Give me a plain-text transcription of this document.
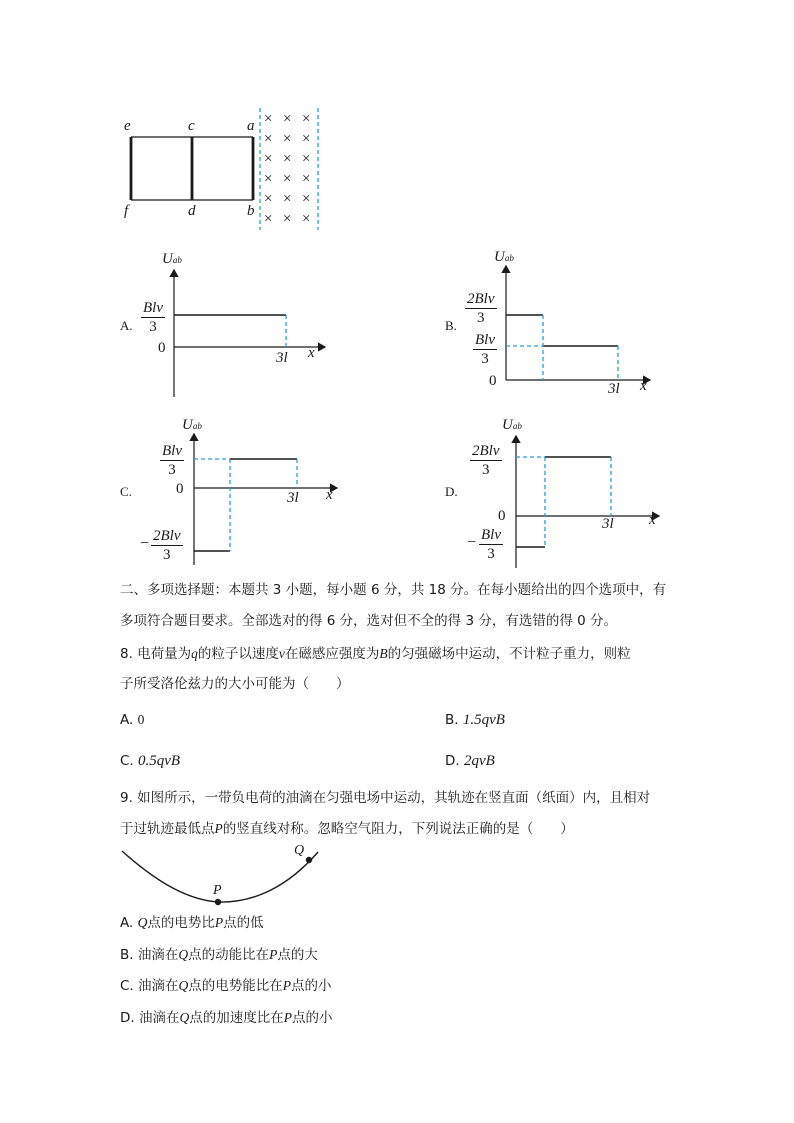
e	c	a
f	d	b
× × ×
× × ×
× × ×
× × ×
× × ×
× × ×
A.
Uab
Blv
3
0
3l x
B.
Uab
2Blv
3
Blv
3
0	3l x
C.
Uab
Blv
3
0
− 2Blv
3
3l x	D.
Uab
2Blv
3
0
− Blv
3
3l x
二、多项选择题：本题共 3 小题，每小题 6 分，共 18 分。在每小题给出的四个选项中，有
多项符合题目要求。全部选对的得 6 分，选对但不全的得 3 分，有选错的得 0 分。
8. 电荷量为q的粒子以速度v在磁感应强度为B的匀强磁场中运动，不计粒子重力，则粒
子所受洛伦兹力的大小可能为（　　）
A. 0	B. 1.5qvB
C. 0.5qvB	D. 2qvB
9. 如图所示，一带负电荷的油滴在匀强电场中运动，其轨迹在竖直面（纸面）内，且相对
于过轨迹最低点P的竖直线对称。忽略空气阻力，下列说法正确的是（　　）
P
Q
A. Q点的电势比P点的低
B. 油滴在Q点的动能比在P点的大
C. 油滴在Q点的电势能比在P点的小
D. 油滴在Q点的加速度比在P点的小
